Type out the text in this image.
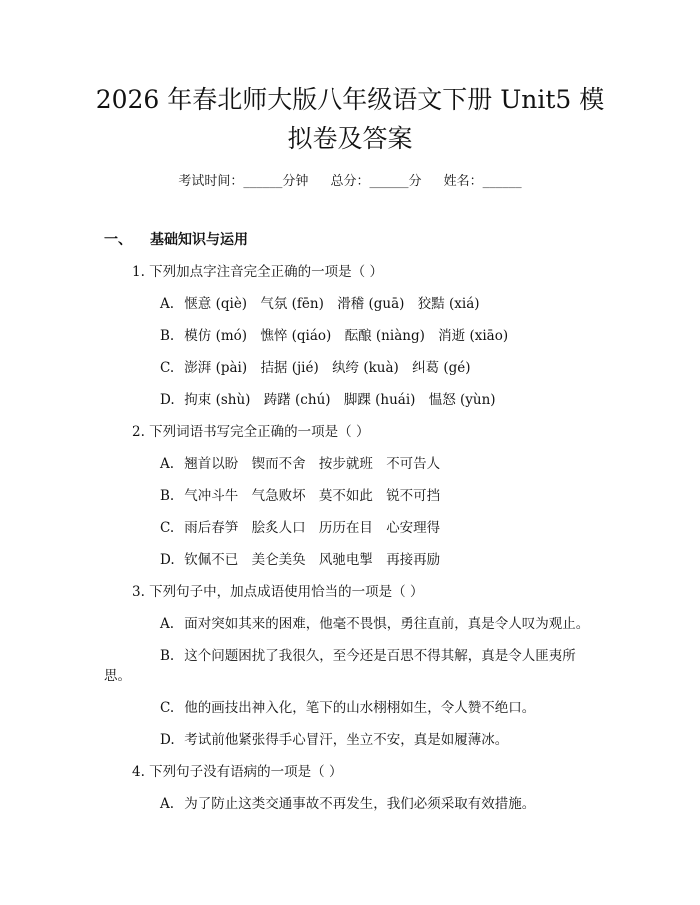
2026 年春北师大版八年级语文下册 Unit5 模
拟卷及答案
考试时间：______分钟 总分：______分 姓名：______
一、 基础知识与运用
1. 下列加点字注音完全正确的一项是（ ）
A. 惬意 (qiè) 气氛 (fēn) 滑稽 (guā) 狡黠 (xiá)
B. 模仿 (mó) 憔悴 (qiáo) 酝酿 (niàng) 消逝 (xiāo)
C. 澎湃 (pài) 拮据 (jié) 纨绔 (kuà) 纠葛 (gé)
D. 拘束 (shù) 踌躇 (chú) 脚踝 (huái) 愠怒 (yùn)
2. 下列词语书写完全正确的一项是（ ）
A. 翘首以盼 锲而不舍 按步就班 不可告人
B. 气冲斗牛 气急败坏 莫不如此 锐不可挡
C. 雨后春笋 脍炙人口 历历在目 心安理得
D. 钦佩不已 美仑美奂 风驰电掣 再接再励
3. 下列句子中，加点成语使用恰当的一项是（ ）
A. 面对突如其来的困难，他毫不畏惧，勇往直前，真是令人叹为观止。
B. 这个问题困扰了我很久，至今还是百思不得其解，真是令人匪夷所
思。
C. 他的画技出神入化，笔下的山水栩栩如生，令人赞不绝口。
D. 考试前他紧张得手心冒汗，坐立不安，真是如履薄冰。
4. 下列句子没有语病的一项是（ ）
A. 为了防止这类交通事故不再发生，我们必须采取有效措施。
